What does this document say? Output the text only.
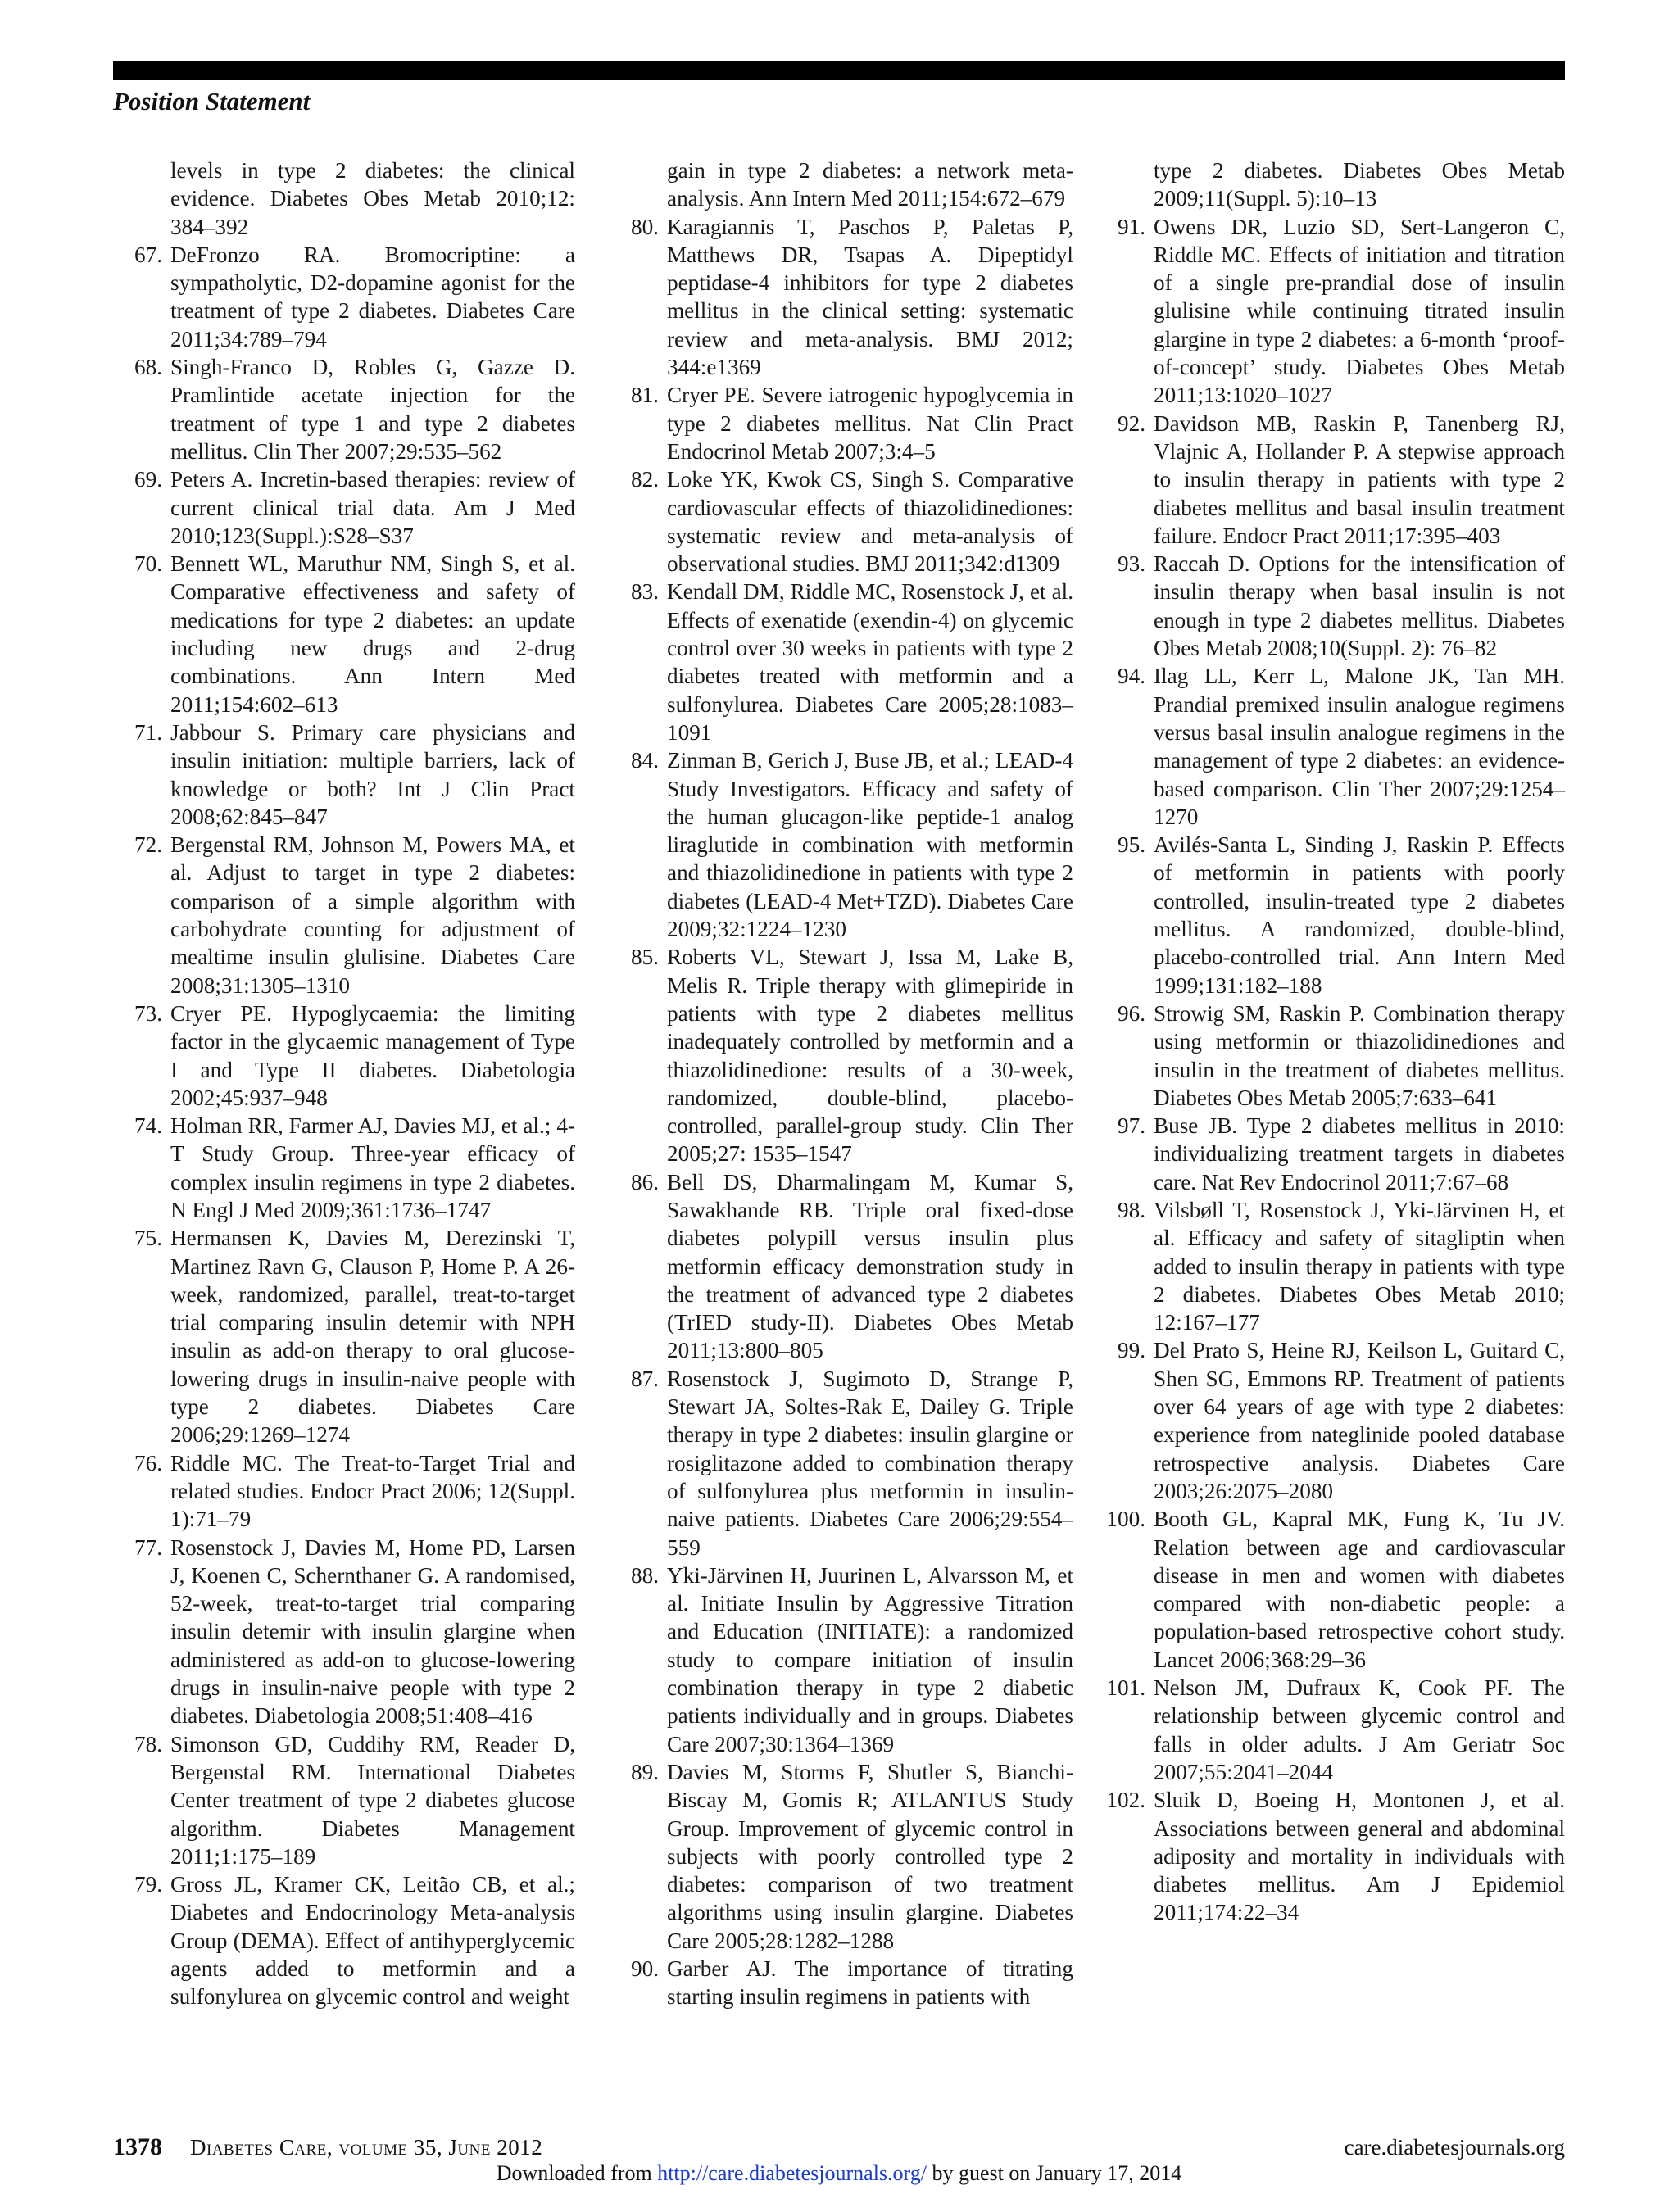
Position Statement
levels in type 2 diabetes: the clinical evidence. Diabetes Obes Metab 2010;12: 384–392
67. DeFronzo RA. Bromocriptine: a sympatholytic, D2-dopamine agonist for the treatment of type 2 diabetes. Diabetes Care 2011;34:789–794
68. Singh-Franco D, Robles G, Gazze D. Pramlintide acetate injection for the treatment of type 1 and type 2 diabetes mellitus. Clin Ther 2007;29:535–562
69. Peters A. Incretin-based therapies: review of current clinical trial data. Am J Med 2010;123(Suppl.):S28–S37
70. Bennett WL, Maruthur NM, Singh S, et al. Comparative effectiveness and safety of medications for type 2 diabetes: an update including new drugs and 2-drug combinations. Ann Intern Med 2011;154:602–613
71. Jabbour S. Primary care physicians and insulin initiation: multiple barriers, lack of knowledge or both? Int J Clin Pract 2008;62:845–847
72. Bergenstal RM, Johnson M, Powers MA, et al. Adjust to target in type 2 diabetes: comparison of a simple algorithm with carbohydrate counting for adjustment of mealtime insulin glulisine. Diabetes Care 2008;31:1305–1310
73. Cryer PE. Hypoglycaemia: the limiting factor in the glycaemic management of Type I and Type II diabetes. Diabetologia 2002;45:937–948
74. Holman RR, Farmer AJ, Davies MJ, et al.; 4-T Study Group. Three-year efficacy of complex insulin regimens in type 2 diabetes. N Engl J Med 2009;361:1736–1747
75. Hermansen K, Davies M, Derezinski T, Martinez Ravn G, Clauson P, Home P. A 26-week, randomized, parallel, treat-to-target trial comparing insulin detemir with NPH insulin as add-on therapy to oral glucose-lowering drugs in insulin-naive people with type 2 diabetes. Diabetes Care 2006;29:1269–1274
76. Riddle MC. The Treat-to-Target Trial and related studies. Endocr Pract 2006; 12(Suppl. 1):71–79
77. Rosenstock J, Davies M, Home PD, Larsen J, Koenen C, Schernthaner G. A randomised, 52-week, treat-to-target trial comparing insulin detemir with insulin glargine when administered as add-on to glucose-lowering drugs in insulin-naive people with type 2 diabetes. Diabetologia 2008;51:408–416
78. Simonson GD, Cuddihy RM, Reader D, Bergenstal RM. International Diabetes Center treatment of type 2 diabetes glucose algorithm. Diabetes Management 2011;1:175–189
79. Gross JL, Kramer CK, Leitão CB, et al.; Diabetes and Endocrinology Meta-analysis Group (DEMA). Effect of antihyperglycemic agents added to metformin and a sulfonylurea on glycemic control and weight
gain in type 2 diabetes: a network meta-analysis. Ann Intern Med 2011;154:672–679
80. Karagiannis T, Paschos P, Paletas P, Matthews DR, Tsapas A. Dipeptidyl peptidase-4 inhibitors for type 2 diabetes mellitus in the clinical setting: systematic review and meta-analysis. BMJ 2012; 344:e1369
81. Cryer PE. Severe iatrogenic hypoglycemia in type 2 diabetes mellitus. Nat Clin Pract Endocrinol Metab 2007;3:4–5
82. Loke YK, Kwok CS, Singh S. Comparative cardiovascular effects of thiazolidinediones: systematic review and meta-analysis of observational studies. BMJ 2011;342:d1309
83. Kendall DM, Riddle MC, Rosenstock J, et al. Effects of exenatide (exendin-4) on glycemic control over 30 weeks in patients with type 2 diabetes treated with metformin and a sulfonylurea. Diabetes Care 2005;28:1083–1091
84. Zinman B, Gerich J, Buse JB, et al.; LEAD-4 Study Investigators. Efficacy and safety of the human glucagon-like peptide-1 analog liraglutide in combination with metformin and thiazolidinedione in patients with type 2 diabetes (LEAD-4 Met+TZD). Diabetes Care 2009;32:1224–1230
85. Roberts VL, Stewart J, Issa M, Lake B, Melis R. Triple therapy with glimepiride in patients with type 2 diabetes mellitus inadequately controlled by metformin and a thiazolidinedione: results of a 30-week, randomized, double-blind, placebo-controlled, parallel-group study. Clin Ther 2005;27: 1535–1547
86. Bell DS, Dharmalingam M, Kumar S, Sawakhande RB. Triple oral fixed-dose diabetes polypill versus insulin plus metformin efficacy demonstration study in the treatment of advanced type 2 diabetes (TrIED study-II). Diabetes Obes Metab 2011;13:800–805
87. Rosenstock J, Sugimoto D, Strange P, Stewart JA, Soltes-Rak E, Dailey G. Triple therapy in type 2 diabetes: insulin glargine or rosiglitazone added to combination therapy of sulfonylurea plus metformin in insulin-naive patients. Diabetes Care 2006;29:554–559
88. Yki-Järvinen H, Juurinen L, Alvarsson M, et al. Initiate Insulin by Aggressive Titration and Education (INITIATE): a randomized study to compare initiation of insulin combination therapy in type 2 diabetic patients individually and in groups. Diabetes Care 2007;30:1364–1369
89. Davies M, Storms F, Shutler S, Bianchi-Biscay M, Gomis R; ATLANTUS Study Group. Improvement of glycemic control in subjects with poorly controlled type 2 diabetes: comparison of two treatment algorithms using insulin glargine. Diabetes Care 2005;28:1282–1288
90. Garber AJ. The importance of titrating starting insulin regimens in patients with
type 2 diabetes. Diabetes Obes Metab 2009;11(Suppl. 5):10–13
91. Owens DR, Luzio SD, Sert-Langeron C, Riddle MC. Effects of initiation and titration of a single pre-prandial dose of insulin glulisine while continuing titrated insulin glargine in type 2 diabetes: a 6-month ‘proof-of-concept’ study. Diabetes Obes Metab 2011;13:1020–1027
92. Davidson MB, Raskin P, Tanenberg RJ, Vlajnic A, Hollander P. A stepwise approach to insulin therapy in patients with type 2 diabetes mellitus and basal insulin treatment failure. Endocr Pract 2011;17:395–403
93. Raccah D. Options for the intensification of insulin therapy when basal insulin is not enough in type 2 diabetes mellitus. Diabetes Obes Metab 2008;10(Suppl. 2): 76–82
94. Ilag LL, Kerr L, Malone JK, Tan MH. Prandial premixed insulin analogue regimens versus basal insulin analogue regimens in the management of type 2 diabetes: an evidence-based comparison. Clin Ther 2007;29:1254–1270
95. Avilés-Santa L, Sinding J, Raskin P. Effects of metformin in patients with poorly controlled, insulin-treated type 2 diabetes mellitus. A randomized, double-blind, placebo-controlled trial. Ann Intern Med 1999;131:182–188
96. Strowig SM, Raskin P. Combination therapy using metformin or thiazolidinediones and insulin in the treatment of diabetes mellitus. Diabetes Obes Metab 2005;7:633–641
97. Buse JB. Type 2 diabetes mellitus in 2010: individualizing treatment targets in diabetes care. Nat Rev Endocrinol 2011;7:67–68
98. Vilsbøll T, Rosenstock J, Yki-Järvinen H, et al. Efficacy and safety of sitagliptin when added to insulin therapy in patients with type 2 diabetes. Diabetes Obes Metab 2010; 12:167–177
99. Del Prato S, Heine RJ, Keilson L, Guitard C, Shen SG, Emmons RP. Treatment of patients over 64 years of age with type 2 diabetes: experience from nateglinide pooled database retrospective analysis. Diabetes Care 2003;26:2075–2080
100. Booth GL, Kapral MK, Fung K, Tu JV. Relation between age and cardiovascular disease in men and women with diabetes compared with non-diabetic people: a population-based retrospective cohort study. Lancet 2006;368:29–36
101. Nelson JM, Dufraux K, Cook PF. The relationship between glycemic control and falls in older adults. J Am Geriatr Soc 2007;55:2041–2044
102. Sluik D, Boeing H, Montonen J, et al. Associations between general and abdominal adiposity and mortality in individuals with diabetes mellitus. Am J Epidemiol 2011;174:22–34
1378 Diabetes Care, volume 35, June 2012	care.diabetesjournals.org
Downloaded from http://care.diabetesjournals.org/ by guest on January 17, 2014
